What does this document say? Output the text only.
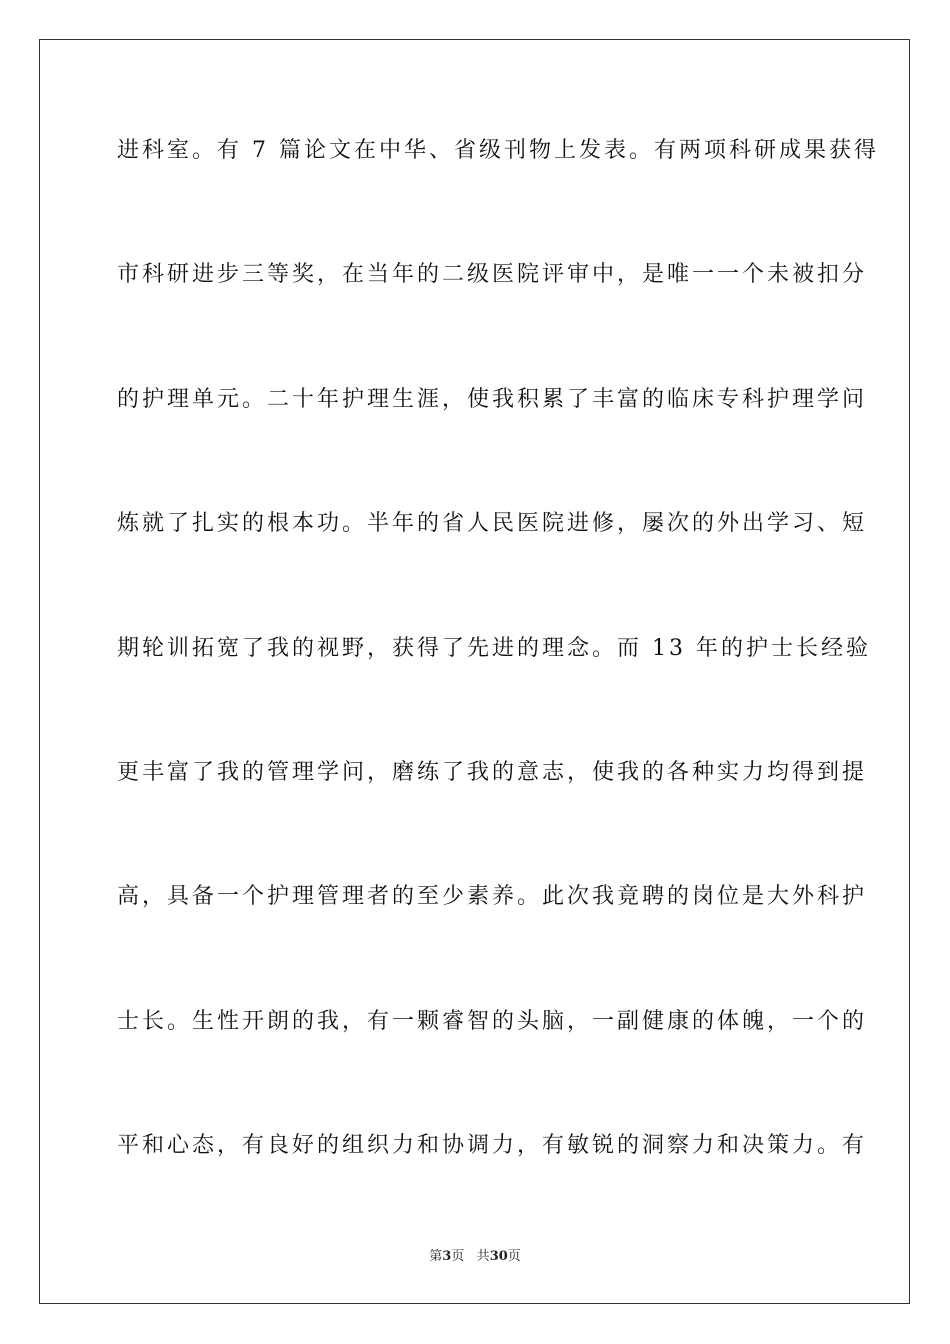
进科室。有 7 篇论文在中华、省级刊物上发表。有两项科研成果获得
市科研进步三等奖，在当年的二级医院评审中，是唯一一个未被扣分
的护理单元。二十年护理生涯，使我积累了丰富的临床专科护理学问
炼就了扎实的根本功。半年的省人民医院进修，屡次的外出学习、短
期轮训拓宽了我的视野，获得了先进的理念。而 13 年的护士长经验
更丰富了我的管理学问，磨练了我的意志，使我的各种实力均得到提
高，具备一个护理管理者的至少素养。此次我竟聘的岗位是大外科护
士长。生性开朗的我，有一颗睿智的头脑，一副健康的体魄，一个的
平和心态，有良好的组织力和协调力，有敏锐的洞察力和决策力。有
第3页 共30页
